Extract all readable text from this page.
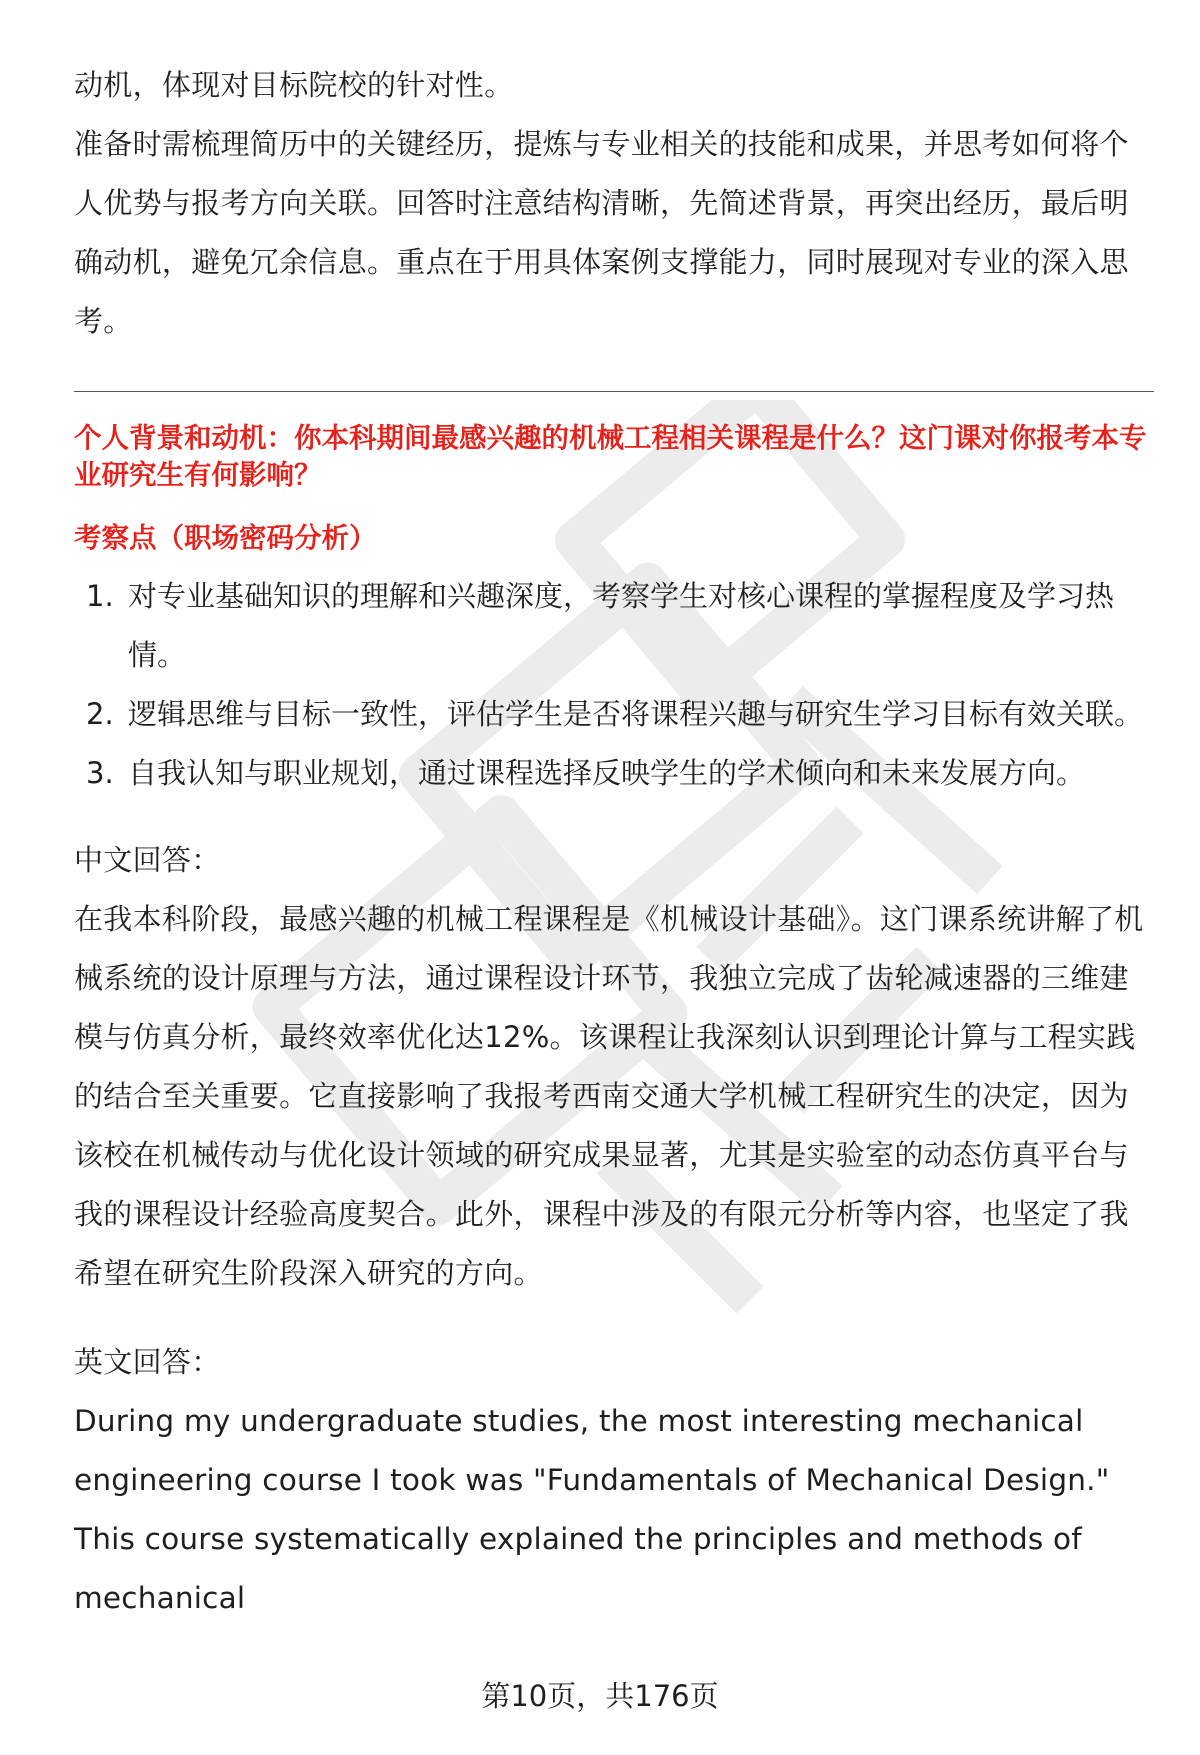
动机，体现对目标院校的针对性。

准备时需梳理简历中的关键经历，提炼与专业相关的技能和成果，并思考如何将个人优势与报考方向关联。回答时注意结构清晰，先简述背景，再突出经历，最后明确动机，避免冗余信息。重点在于用具体案例支撑能力，同时展现对专业的深入思考。

个人背景和动机：你本科期间最感兴趣的机械工程相关课程是什么？这门课对你报考本专业研究生有何影响？
考察点（职场密码分析）
1. 对专业基础知识的理解和兴趣深度，考察学生对核心课程的掌握程度及学习热情。
2. 逻辑思维与目标一致性，评估学生是否将课程兴趣与研究生学习目标有效关联。
3. 自我认知与职业规划，通过课程选择反映学生的学术倾向和未来发展方向。

中文回答：

在我本科阶段，最感兴趣的机械工程课程是《机械设计基础》。这门课系统讲解了机械系统的设计原理与方法，通过课程设计环节，我独立完成了齿轮减速器的三维建模与仿真分析，最终效率优化达12%。该课程让我深刻认识到理论计算与工程实践的结合至关重要。它直接影响了我报考西南交通大学机械工程研究生的决定，因为该校在机械传动与优化设计领域的研究成果显著，尤其是实验室的动态仿真平台与我的课程设计经验高度契合。此外，课程中涉及的有限元分析等内容，也坚定了我希望在研究生阶段深入研究的方向。

英文回答：

During my undergraduate studies, the most interesting mechanical engineering course I took was "Fundamentals of Mechanical Design." This course systematically explained the principles and methods of mechanical

第10页，共176页
